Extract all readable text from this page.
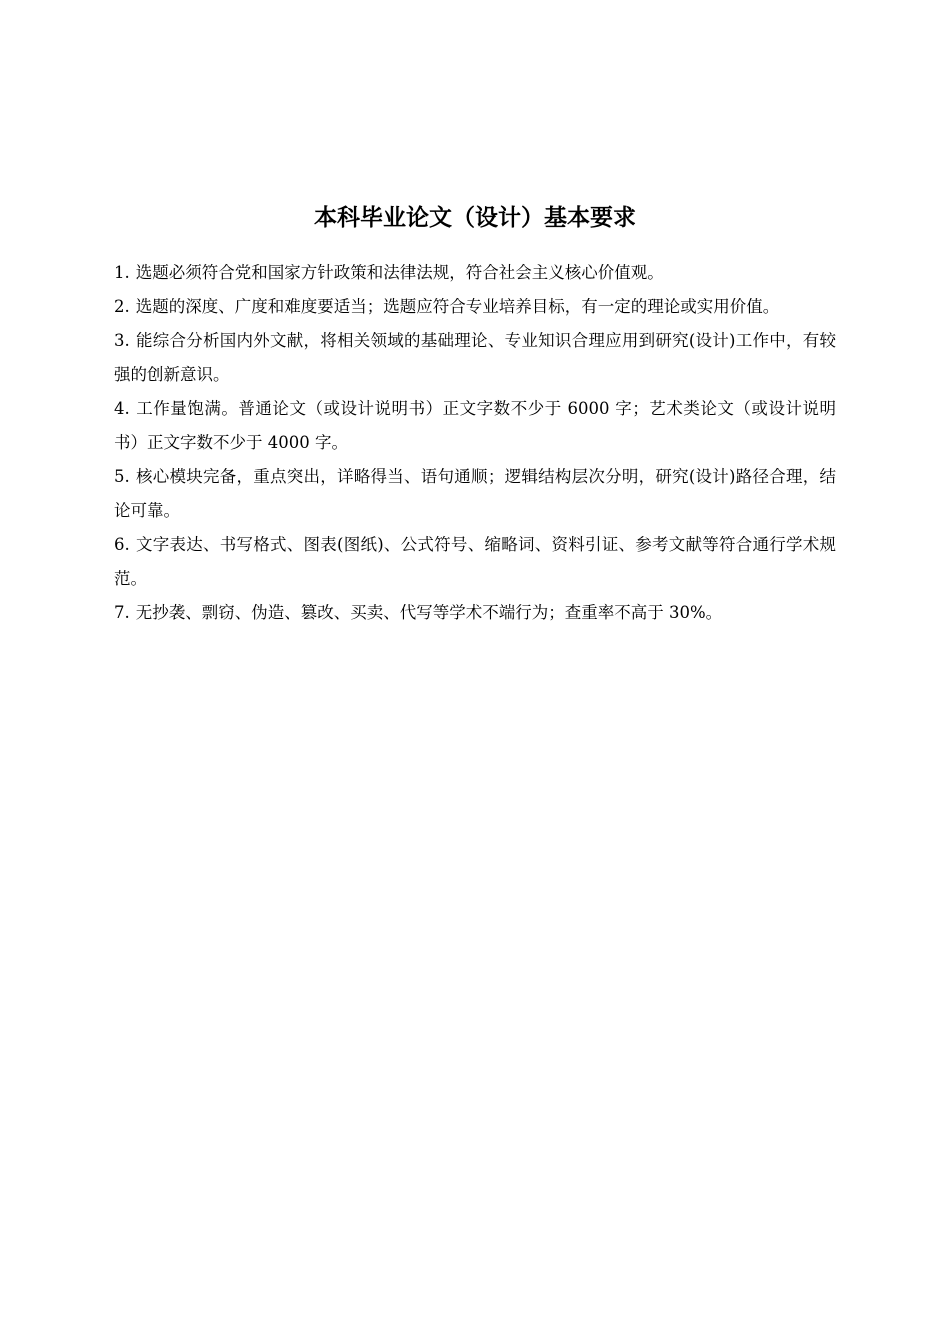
本科毕业论文（设计）基本要求
1. 选题必须符合党和国家方针政策和法律法规，符合社会主义核心价值观。
2. 选题的深度、广度和难度要适当；选题应符合专业培养目标，有一定的理论或实用价值。
3. 能综合分析国内外文献，将相关领域的基础理论、专业知识合理应用到研究(设计)工作中，有较强的创新意识。
4. 工作量饱满。普通论文（或设计说明书）正文字数不少于 6000 字；艺术类论文（或设计说明书）正文字数不少于 4000 字。
5. 核心模块完备，重点突出，详略得当、语句通顺；逻辑结构层次分明，研究(设计)路径合理，结论可靠。
6. 文字表达、书写格式、图表(图纸)、公式符号、缩略词、资料引证、参考文献等符合通行学术规范。
7. 无抄袭、剽窃、伪造、篡改、买卖、代写等学术不端行为；查重率不高于 30%。
